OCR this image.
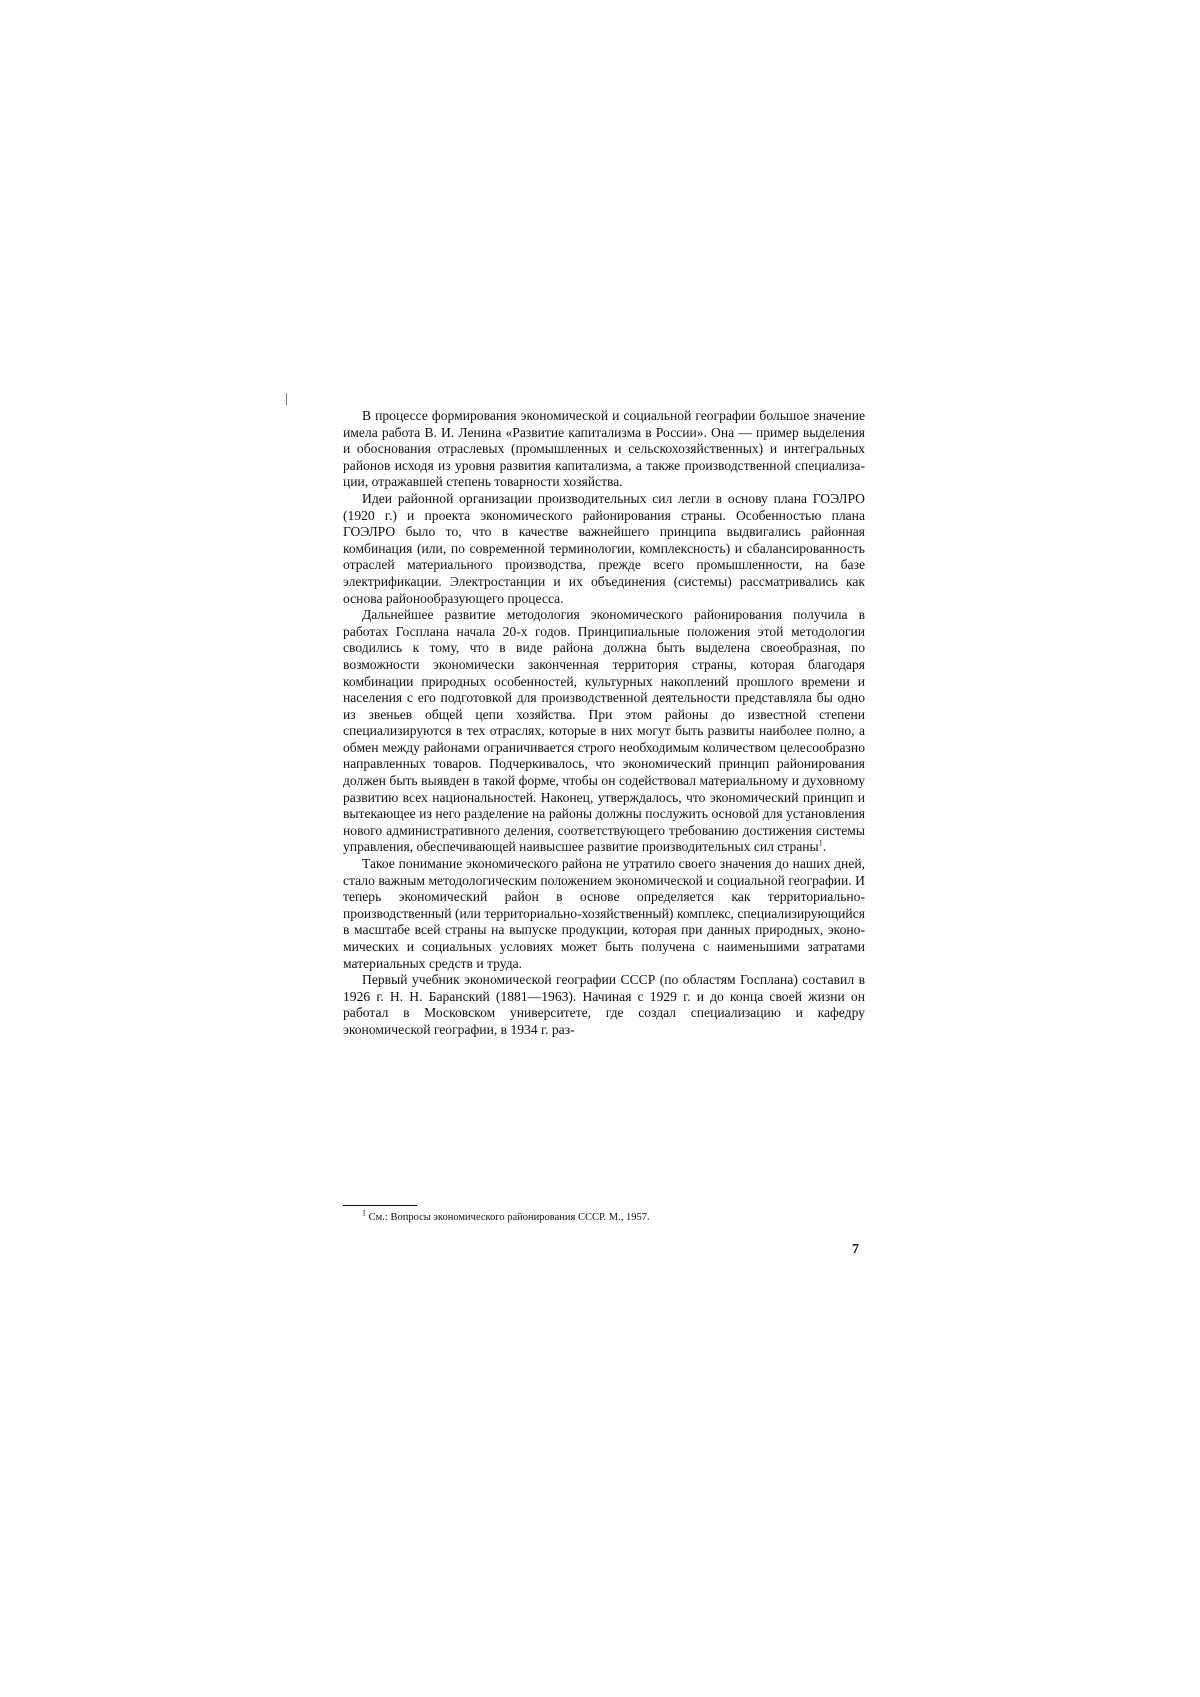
В процессе формирования экономической и социальной географии большое значение имела работа В. И. Ленина «Развитие капитализма в России». Она — пример выделения и обоснования отраслевых (промышленных и сельскохозяйственных) и интегральных районов исходя из уровня развития капитализма, а также производственной специализации, отражавшей степень товарности хозяйства.

Идеи районной организации производительных сил легли в основу плана ГОЭЛРО (1920 г.) и проекта экономического районирования страны. Особенностью плана ГОЭЛРО было то, что в качестве важнейшего принципа выдвигались районная комбинация (или, по современной терминологии, комплексность) и сбалансированность отраслей материального производства, прежде всего промышленности, на базе электрификации. Электростанции и их объединения (системы) рассматривались как основа районообразующего процесса.

Дальнейшее развитие методология экономического районирования получила в работах Госплана начала 20-х годов. Принципиальные положения этой методологии сводились к тому, что в виде района должна быть выделена своеобразная, по возможности экономически законченная территория страны, которая благодаря комбинации природных особенностей, культурных накоплений прошлого времени и населения с его подготовкой для производственной деятельности представляла бы одно из звеньев общей цепи хозяйства. При этом районы до известной степени специализируются в тех отраслях, которые в них могут быть развиты наиболее полно, а обмен между районами ограничивается строго необходимым количеством целесообразно направленных товаров. Подчеркивалось, что экономический принцип районирования должен быть выявден в такой форме, чтобы он содействовал материальному и духовному развитию всех национальностей. Наконец, утверждалось, что экономический принцип и вытекающее из него разделение на районы должны послужить основой для установления нового административного деления, соответствующего требованию достижения системы управления, обеспечивающей наивысшее развитие производительных сил страны$^1$.

Такое понимание экономического района не утратило своего значения до наших дней, стало важным методологическим положением экономической и социальной географии. И теперь экономический район в основе определяется как территориально-производственный (или территориально-хозяйственный) комплекс, специализирующийся в масштабе всей страны на выпуске продукции, которая при данных природных, экономических и социальных условиях может быть получена с наименьшими затратами материальных средств и труда.

Первый учебник экономической географии СССР (по областям Госплана) составил в 1926 г. Н. Н. Баранский (1881—1963). Начиная с 1929 г. и до конца своей жизни он работал в Московском университете, где создал специализацию и кафедру экономической географии, в 1934 г. раз-

$^1$ См.: Вопросы экономического районирования СССР. М., 1957.
7
